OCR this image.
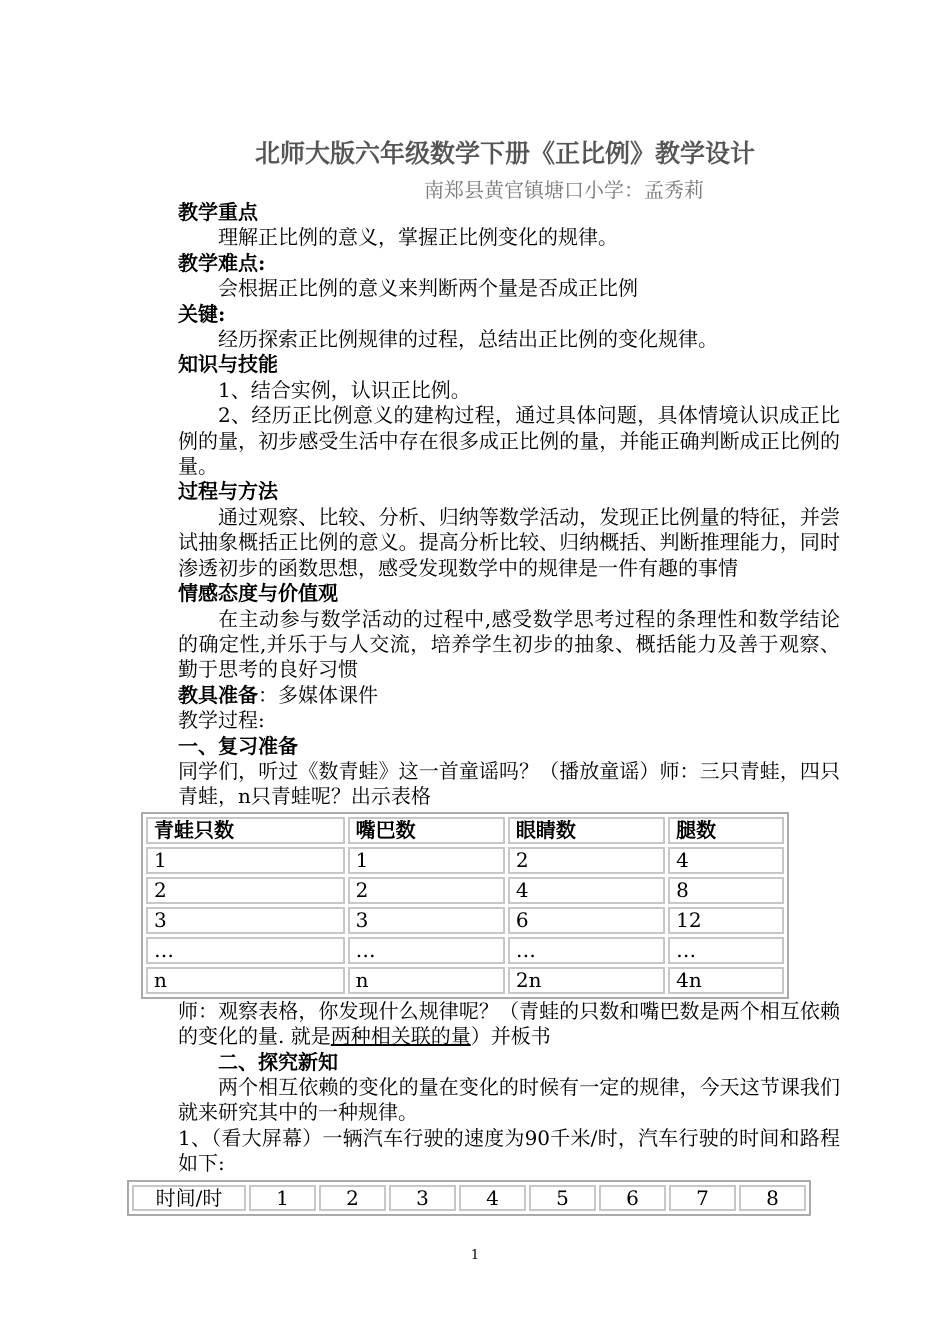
北师大版六年级数学下册《正比例》教学设计
南郑县黄官镇塘口小学：孟秀莉
教学重点
理解正比例的意义，掌握正比例变化的规律。
教学难点:
会根据正比例的意义来判断两个量是否成正比例
关键:
经历探索正比例规律的过程，总结出正比例的变化规律。
知识与技能
1、结合实例，认识正比例。
2、经历正比例意义的建构过程，通过具体问题，具体情境认识成正比例的量，初步感受生活中存在很多成正比例的量，并能正确判断成正比例的量。
过程与方法
通过观察、比较、分析、归纳等数学活动，发现正比例量的特征，并尝试抽象概括正比例的意义。提高分析比较、归纳概括、判断推理能力，同时渗透初步的函数思想，感受发现数学中的规律是一件有趣的事情
情感态度与价值观
在主动参与数学活动的过程中,感受数学思考过程的条理性和数学结论的确定性,并乐于与人交流，培养学生初步的抽象、概括能力及善于观察、勤于思考的良好习惯
教具准备：多媒体课件
教学过程:
一、复习准备
同学们，听过《数青蛙》这一首童谣吗？（播放童谣）师：三只青蛙，四只青蛙，n只青蛙呢？出示表格
青蛙只数	嘴巴数	眼睛数	腿数
1	1	2	4
2	2	4	8
3	3	6	12
…	…	…	…
n	n	2n	4n
师：观察表格，你发现什么规律呢？（青蛙的只数和嘴巴数是两个相互依赖的变化的量. 就是两种相关联的量）并板书
二、探究新知
两个相互依赖的变化的量在变化的时候有一定的规律，今天这节课我们就来研究其中的一种规律。
1、（看大屏幕）一辆汽车行驶的速度为90千米/时，汽车行驶的时间和路程如下:
时间/时	1	2	3	4	5	6	7	8
1
